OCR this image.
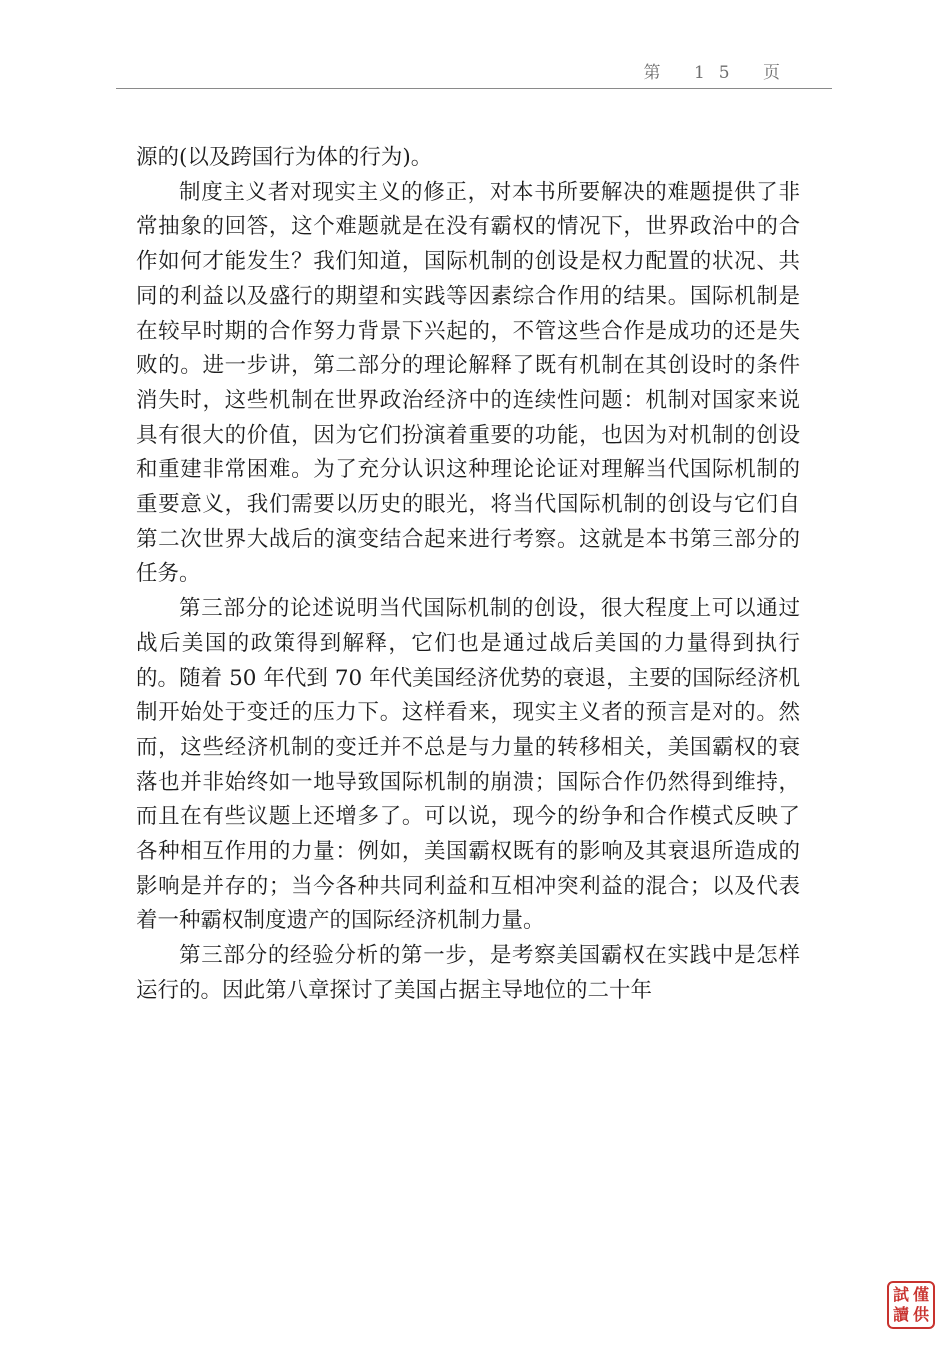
第 15 页

源的(以及跨国行为体的行为)。

制度主义者对现实主义的修正，对本书所要解决的难题提供了非常抽象的回答，这个难题就是在没有霸权的情况下，世界政治中的合作如何才能发生？我们知道，国际机制的创设是权力配置的状况、共同的利益以及盛行的期望和实践等因素综合作用的结果。国际机制是在较早时期的合作努力背景下兴起的，不管这些合作是成功的还是失败的。进一步讲，第二部分的理论解释了既有机制在其创设时的条件消失时，这些机制在世界政治经济中的连续性问题：机制对国家来说具有很大的价值，因为它们扮演着重要的功能，也因为对机制的创设和重建非常困难。为了充分认识这种理论论证对理解当代国际机制的重要意义，我们需要以历史的眼光，将当代国际机制的创设与它们自第二次世界大战后的演变结合起来进行考察。这就是本书第三部分的任务。

第三部分的论述说明当代国际机制的创设，很大程度上可以通过战后美国的政策得到解释，它们也是通过战后美国的力量得到执行的。随着 50 年代到 70 年代美国经济优势的衰退，主要的国际经济机制开始处于变迁的压力下。这样看来，现实主义者的预言是对的。然而，这些经济机制的变迁并不总是与力量的转移相关，美国霸权的衰落也并非始终如一地导致国际机制的崩溃；国际合作仍然得到维持，而且在有些议题上还增多了。可以说，现今的纷争和合作模式反映了各种相互作用的力量：例如，美国霸权既有的影响及其衰退所造成的影响是并存的；当今各种共同利益和互相冲突利益的混合；以及代表着一种霸权制度遗产的国际经济机制力量。

第三部分的经验分析的第一步，是考察美国霸权在实践中是怎样运行的。因此第八章探讨了美国占据主导地位的二十年

試 僅
讀 供
